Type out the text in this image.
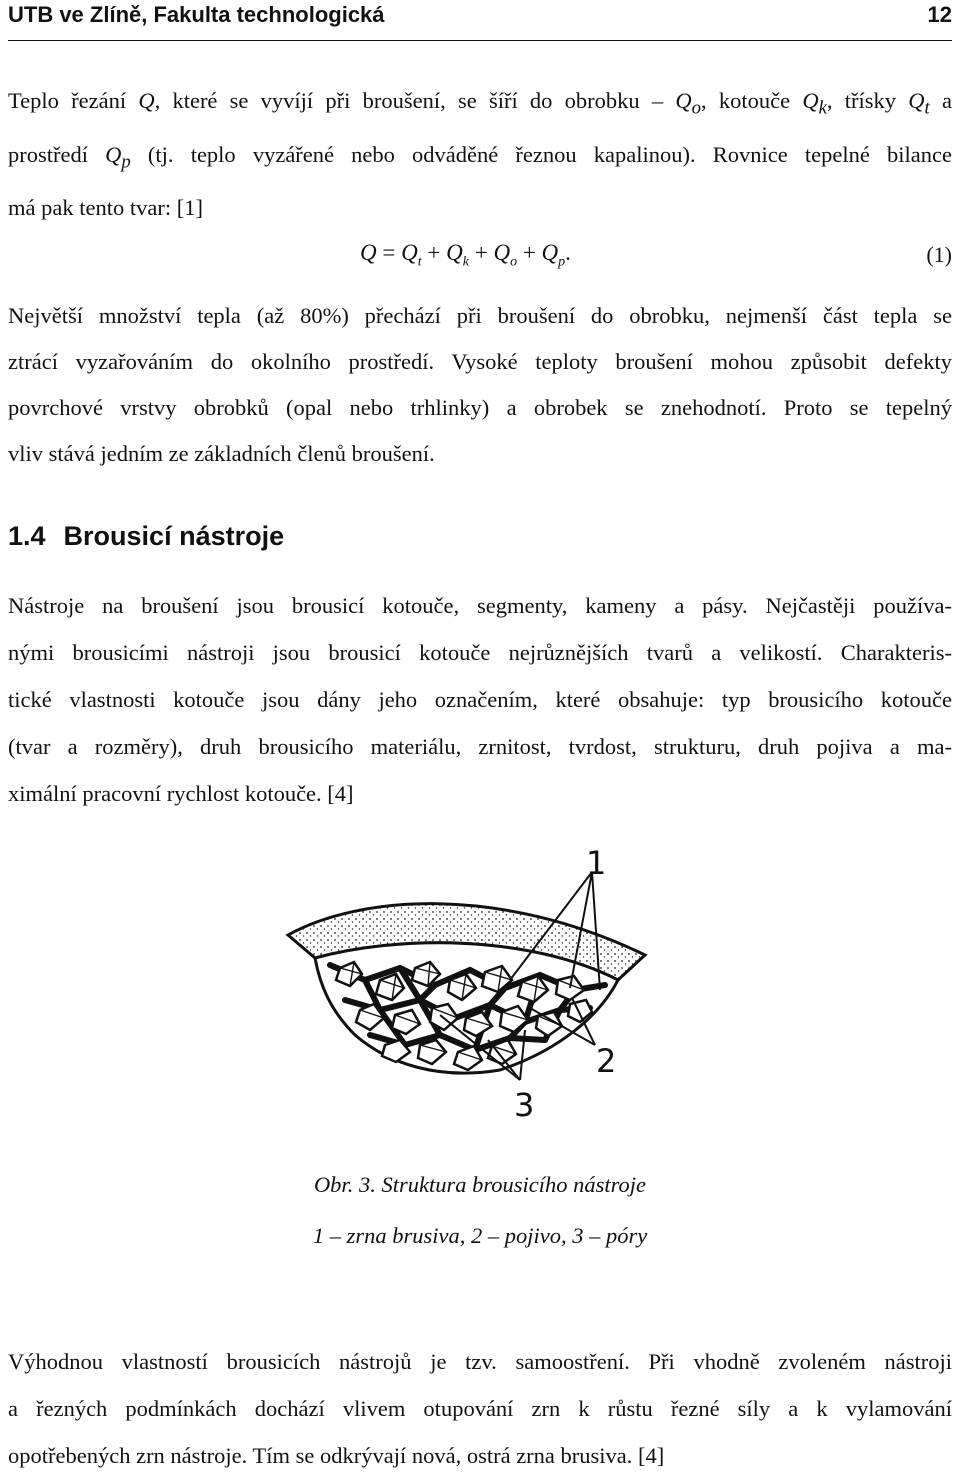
UTB ve Zlíně, Fakulta technologická	12
Teplo řezání Q, které se vyvíjí při broušení, se šíří do obrobku – $Q_o$, kotouče $Q_k$, třísky $Q_t$ a
prostředí $Q_p$ (tj. teplo vyzářené nebo odváděné řeznou kapalinou). Rovnice tepelné bilance
má pak tento tvar: [1]
$Q = Q_t + Q_k + Q_o + Q_p$.	(1)
Největší množství tepla (až 80%) přechází při broušení do obrobku, nejmenší část tepla se
ztrácí vyzařováním do okolního prostředí. Vysoké teploty broušení mohou způsobit defekty
povrchové vrstvy obrobků (opal nebo trhlinky) a obrobek se znehodnotí. Proto se tepelný
vliv stává jedním ze základních členů broušení.
1.4 Brousicí nástroje
Nástroje na broušení jsou brousicí kotouče, segmenty, kameny a pásy. Nejčastěji používa-
nými brousicími nástroji jsou brousicí kotouče nejrůznějších tvarů a velikostí. Charakteris-
tické vlastnosti kotouče jsou dány jeho označením, které obsahuje: typ brousicího kotouče
(tvar a rozměry), druh brousicího materiálu, zrnitost, tvrdost, strukturu, druh pojiva a ma-
ximální pracovní rychlost kotouče. [4]
1
2
3
Obr. 3. Struktura brousicího nástroje
1 – zrna brusiva, 2 – pojivo, 3 – póry
Výhodnou vlastností brousicích nástrojů je tzv. samoostření. Při vhodně zvoleném nástroji
a řezných podmínkách dochází vlivem otupování zrn k růstu řezné síly a k vylamování
opotřebených zrn nástroje. Tím se odkrývají nová, ostrá zrna brusiva. [4]
